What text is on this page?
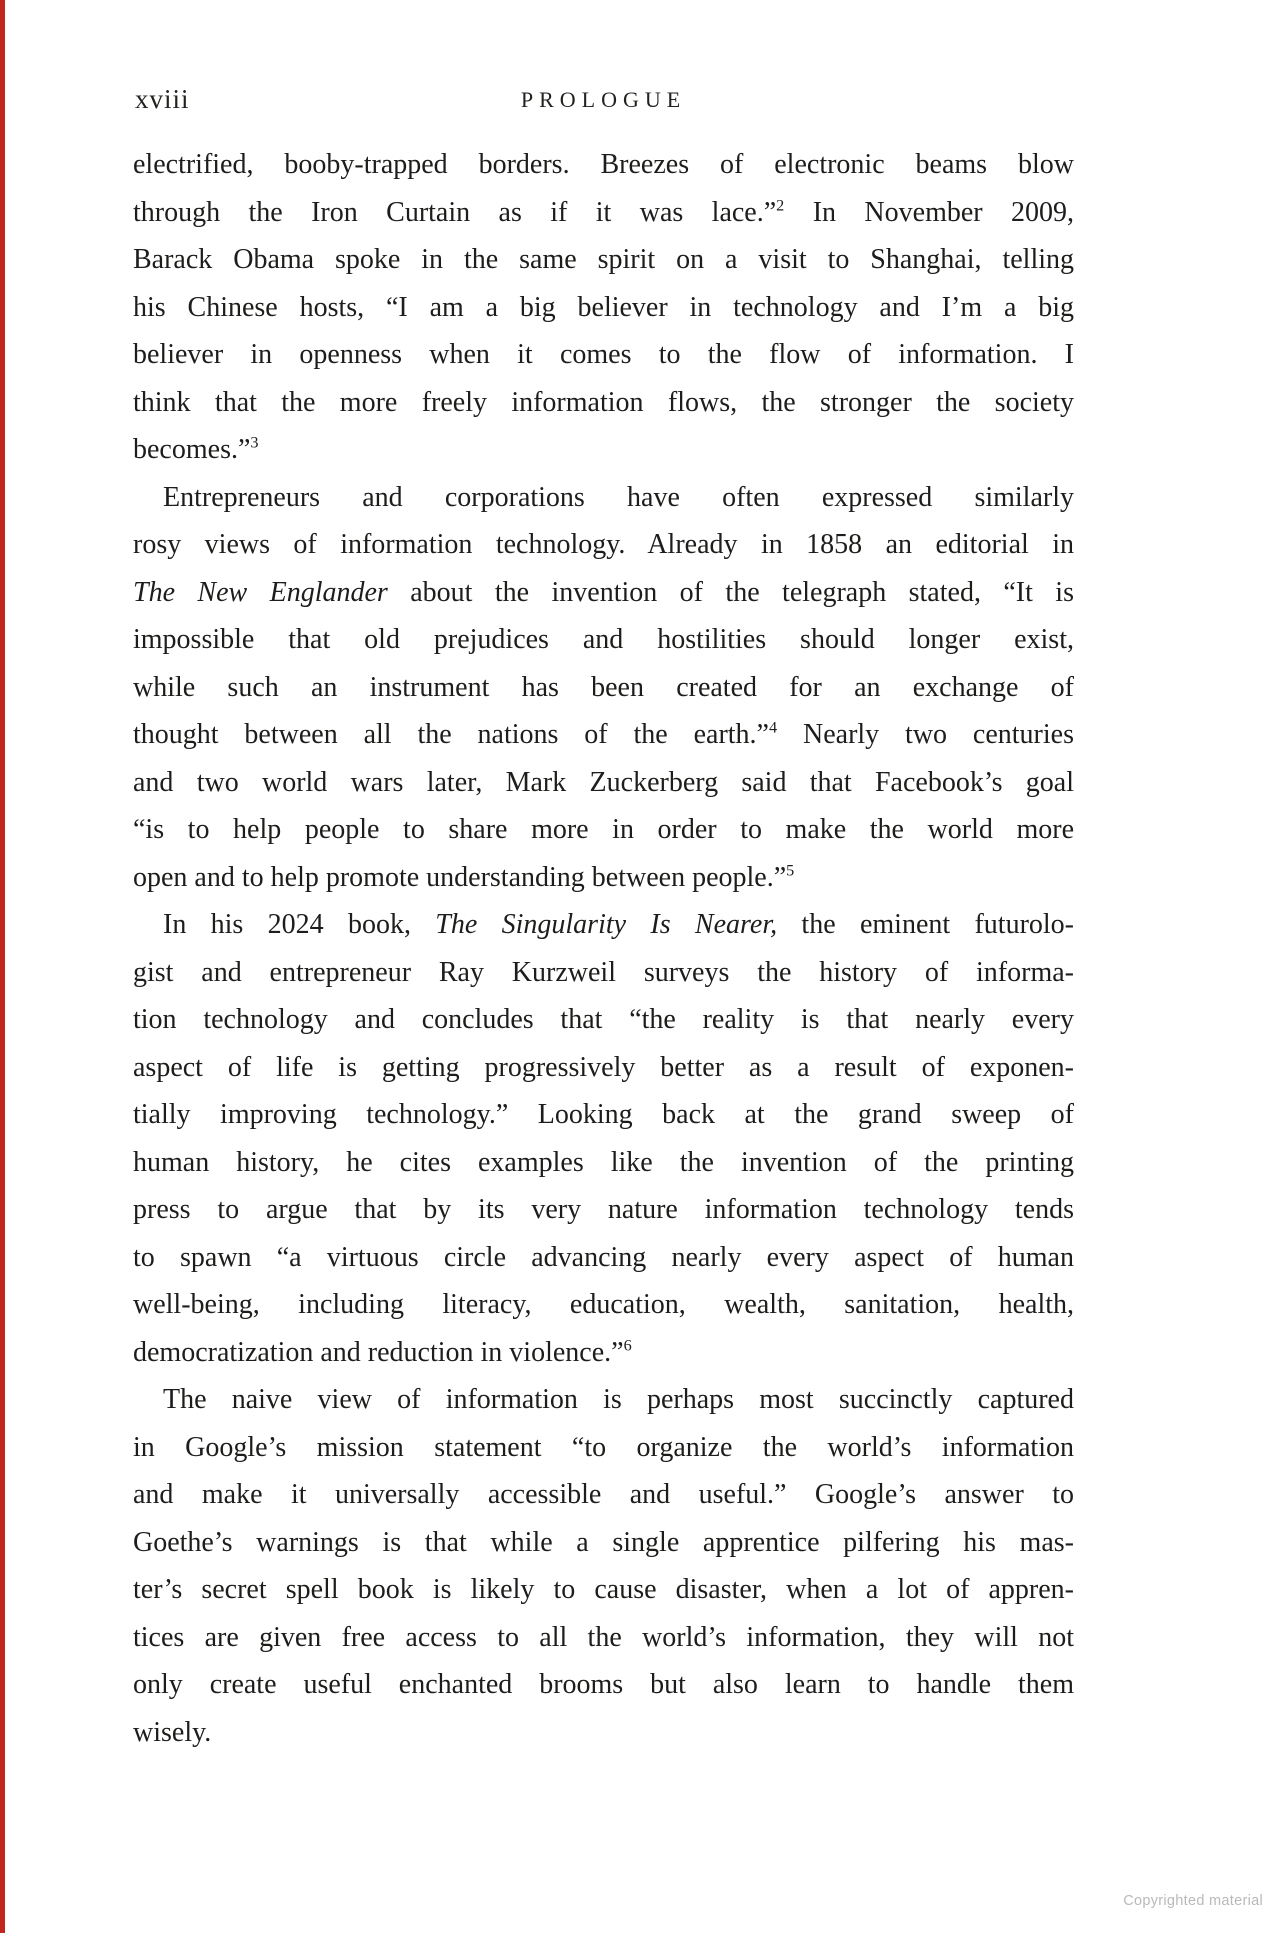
xviii	PROLOGUE
electrified, booby-trapped borders. Breezes of electronic beams blow
through the Iron Curtain as if it was lace.”$^2$ In November 2009,
Barack Obama spoke in the same spirit on a visit to Shanghai, telling
his Chinese hosts, “I am a big believer in technology and I’m a big
believer in openness when it comes to the flow of information. I
think that the more freely information flows, the stronger the society
becomes.”$^3$
Entrepreneurs and corporations have often expressed similarly
rosy views of information technology. Already in 1858 an editorial in
The New Englander about the invention of the telegraph stated, “It is
impossible that old prejudices and hostilities should longer exist,
while such an instrument has been created for an exchange of
thought between all the nations of the earth.”$^4$ Nearly two centuries
and two world wars later, Mark Zuckerberg said that Facebook’s goal
“is to help people to share more in order to make the world more
open and to help promote understanding between people.”$^5$
In his 2024 book, The Singularity Is Nearer, the eminent futurolo-
gist and entrepreneur Ray Kurzweil surveys the history of informa-
tion technology and concludes that “the reality is that nearly every
aspect of life is getting progressively better as a result of exponen-
tially improving technology.” Looking back at the grand sweep of
human history, he cites examples like the invention of the printing
press to argue that by its very nature information technology tends
to spawn “a virtuous circle advancing nearly every aspect of human
well-being, including literacy, education, wealth, sanitation, health,
democratization and reduction in violence.”$^6$
The naive view of information is perhaps most succinctly captured
in Google’s mission statement “to organize the world’s information
and make it universally accessible and useful.” Google’s answer to
Goethe’s warnings is that while a single apprentice pilfering his mas-
ter’s secret spell book is likely to cause disaster, when a lot of appren-
tices are given free access to all the world’s information, they will not
only create useful enchanted brooms but also learn to handle them
wisely.
Copyrighted material
